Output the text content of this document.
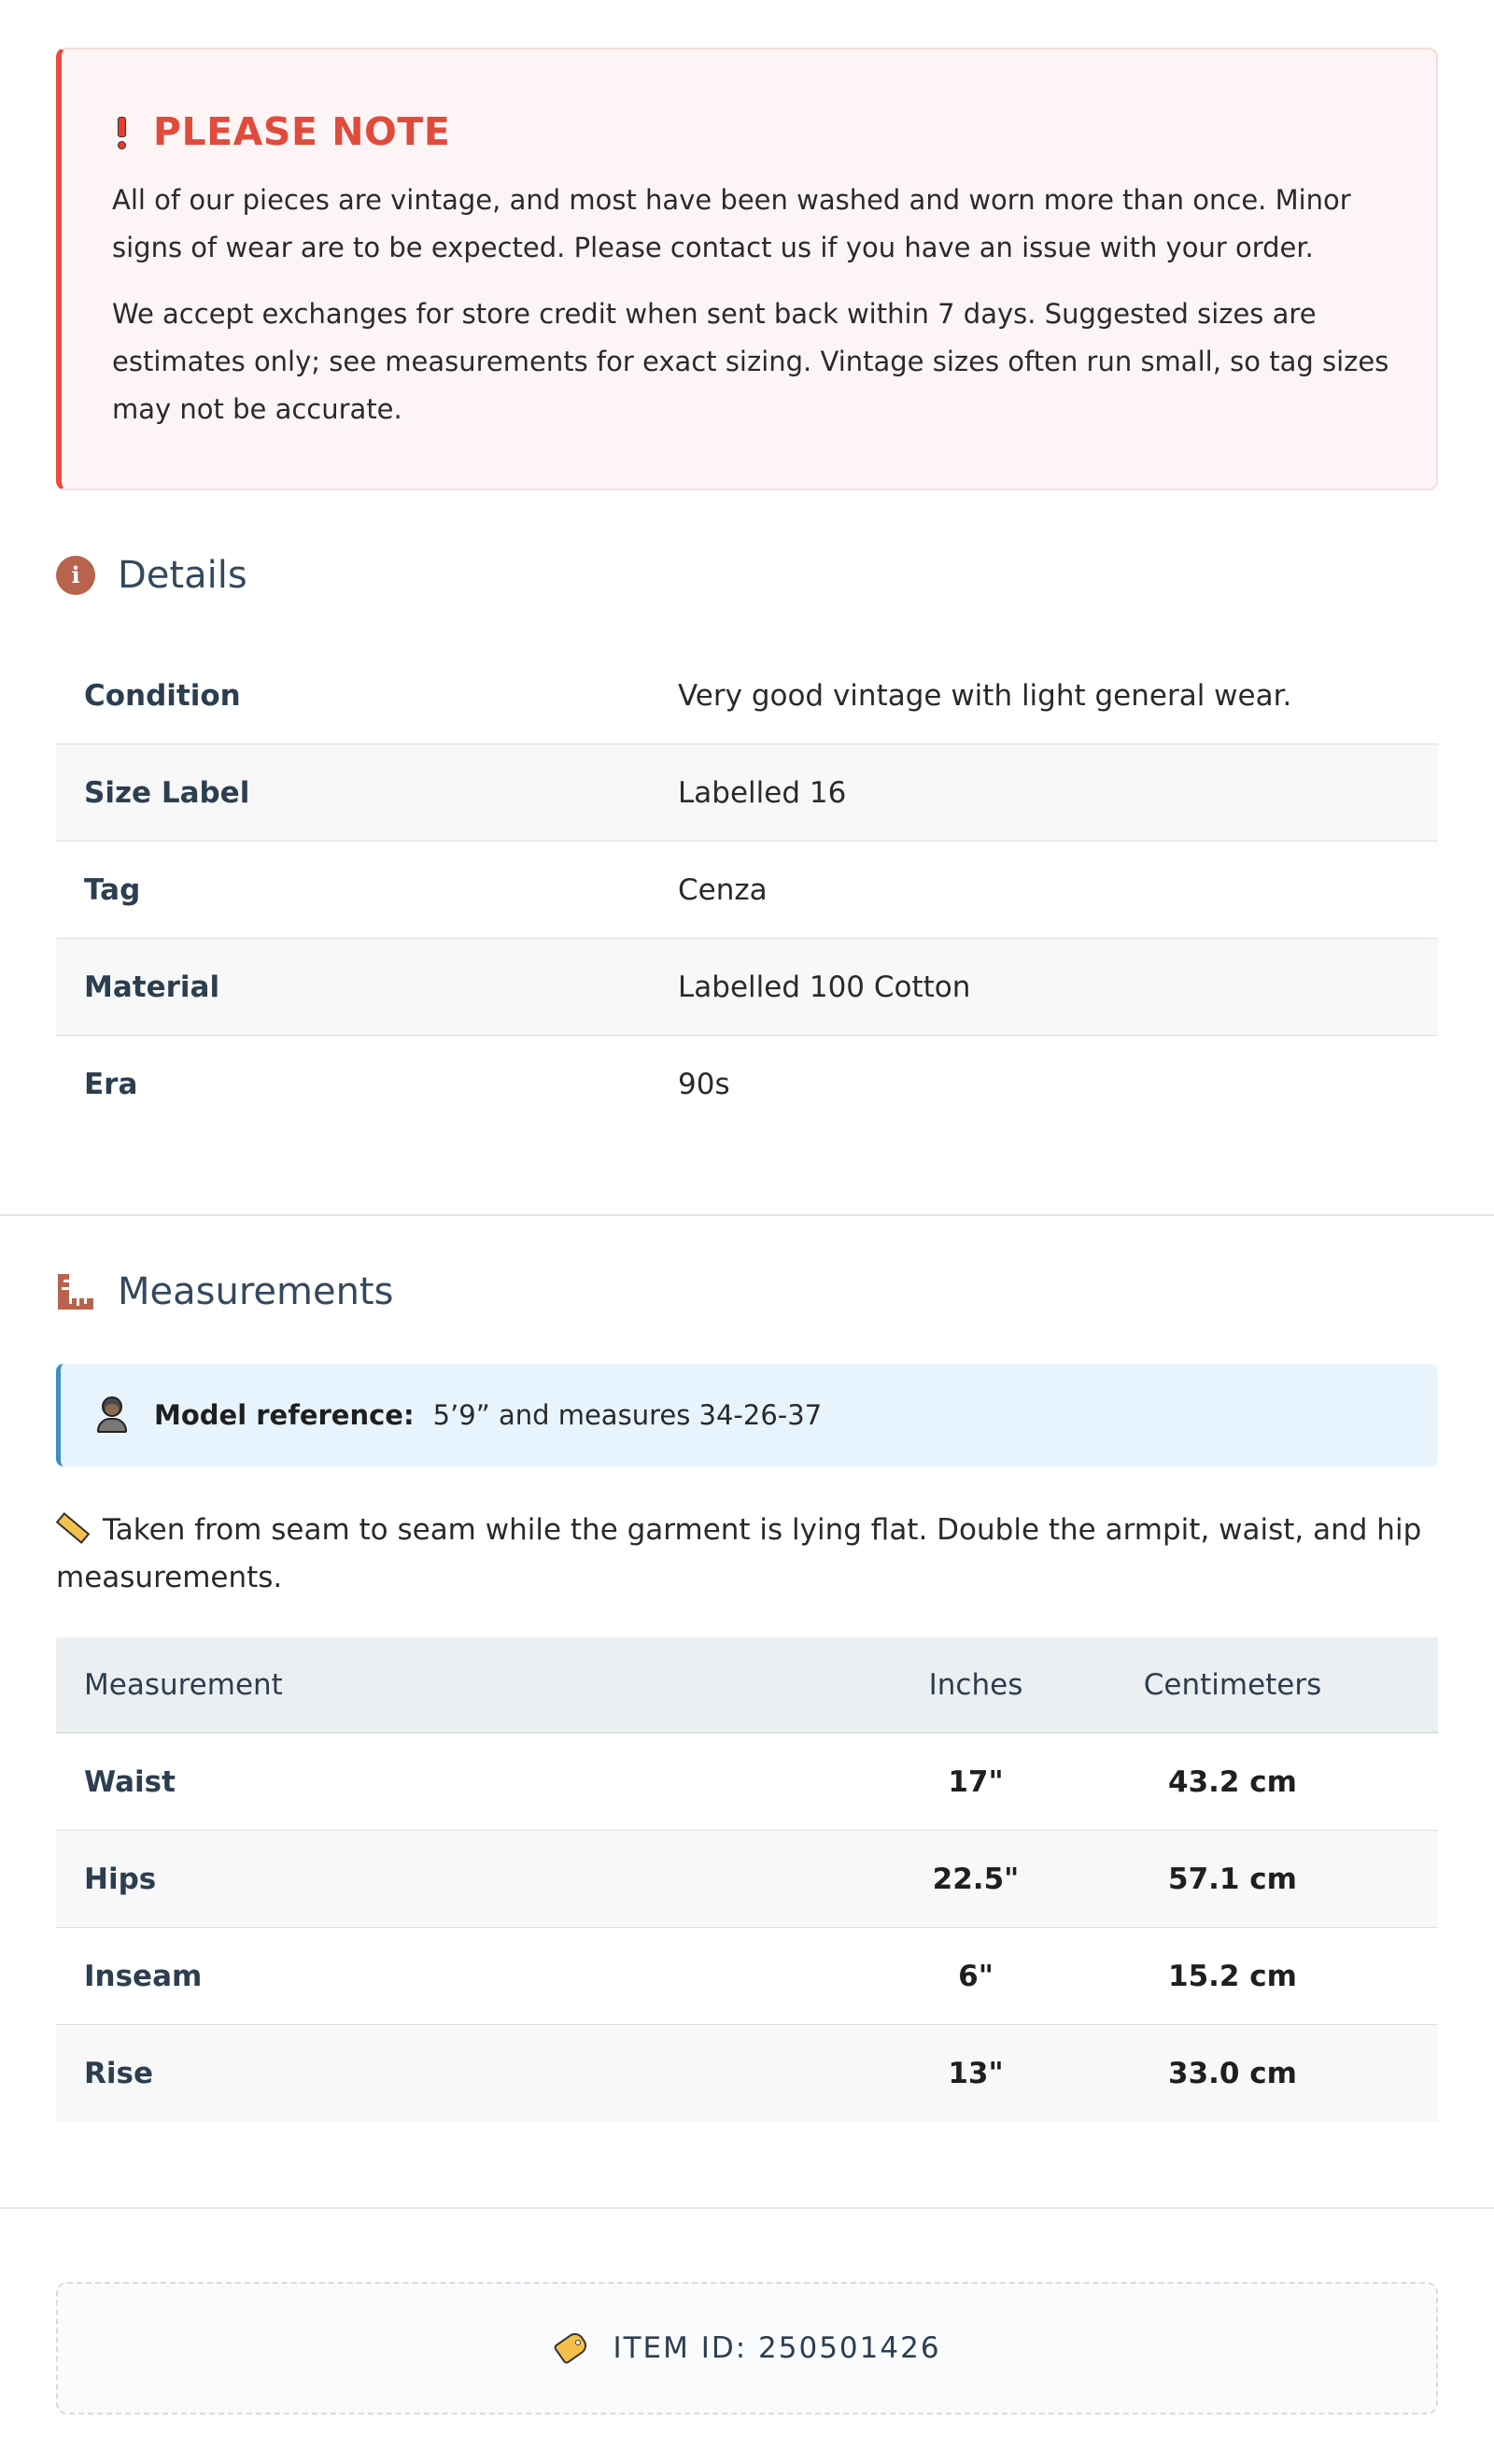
PLEASE NOTE

All of our pieces are vintage, and most have been washed and worn more than once. Minor signs of wear are to be expected. Please contact us if you have an issue with your order.

We accept exchanges for store credit when sent back within 7 days. Suggested sizes are estimates only; see measurements for exact sizing. Vintage sizes often run small, so tag sizes may not be accurate.

i	Details
Condition	Very good vintage with light general wear.
Size Label	Labelled 16
Tag	Cenza
Material	Labelled 100 Cotton
Era	90s
Measurements
Model reference: 5’9” and measures 34-26-37
Taken from seam to seam while the garment is lying flat. Double the armpit, waist, and hip measurements.
Measurement	Inches	Centimeters
Waist	17"	43.2 cm
Hips	22.5"	57.1 cm
Inseam	6"	15.2 cm
Rise	13"	33.0 cm
ITEM ID: 250501426
